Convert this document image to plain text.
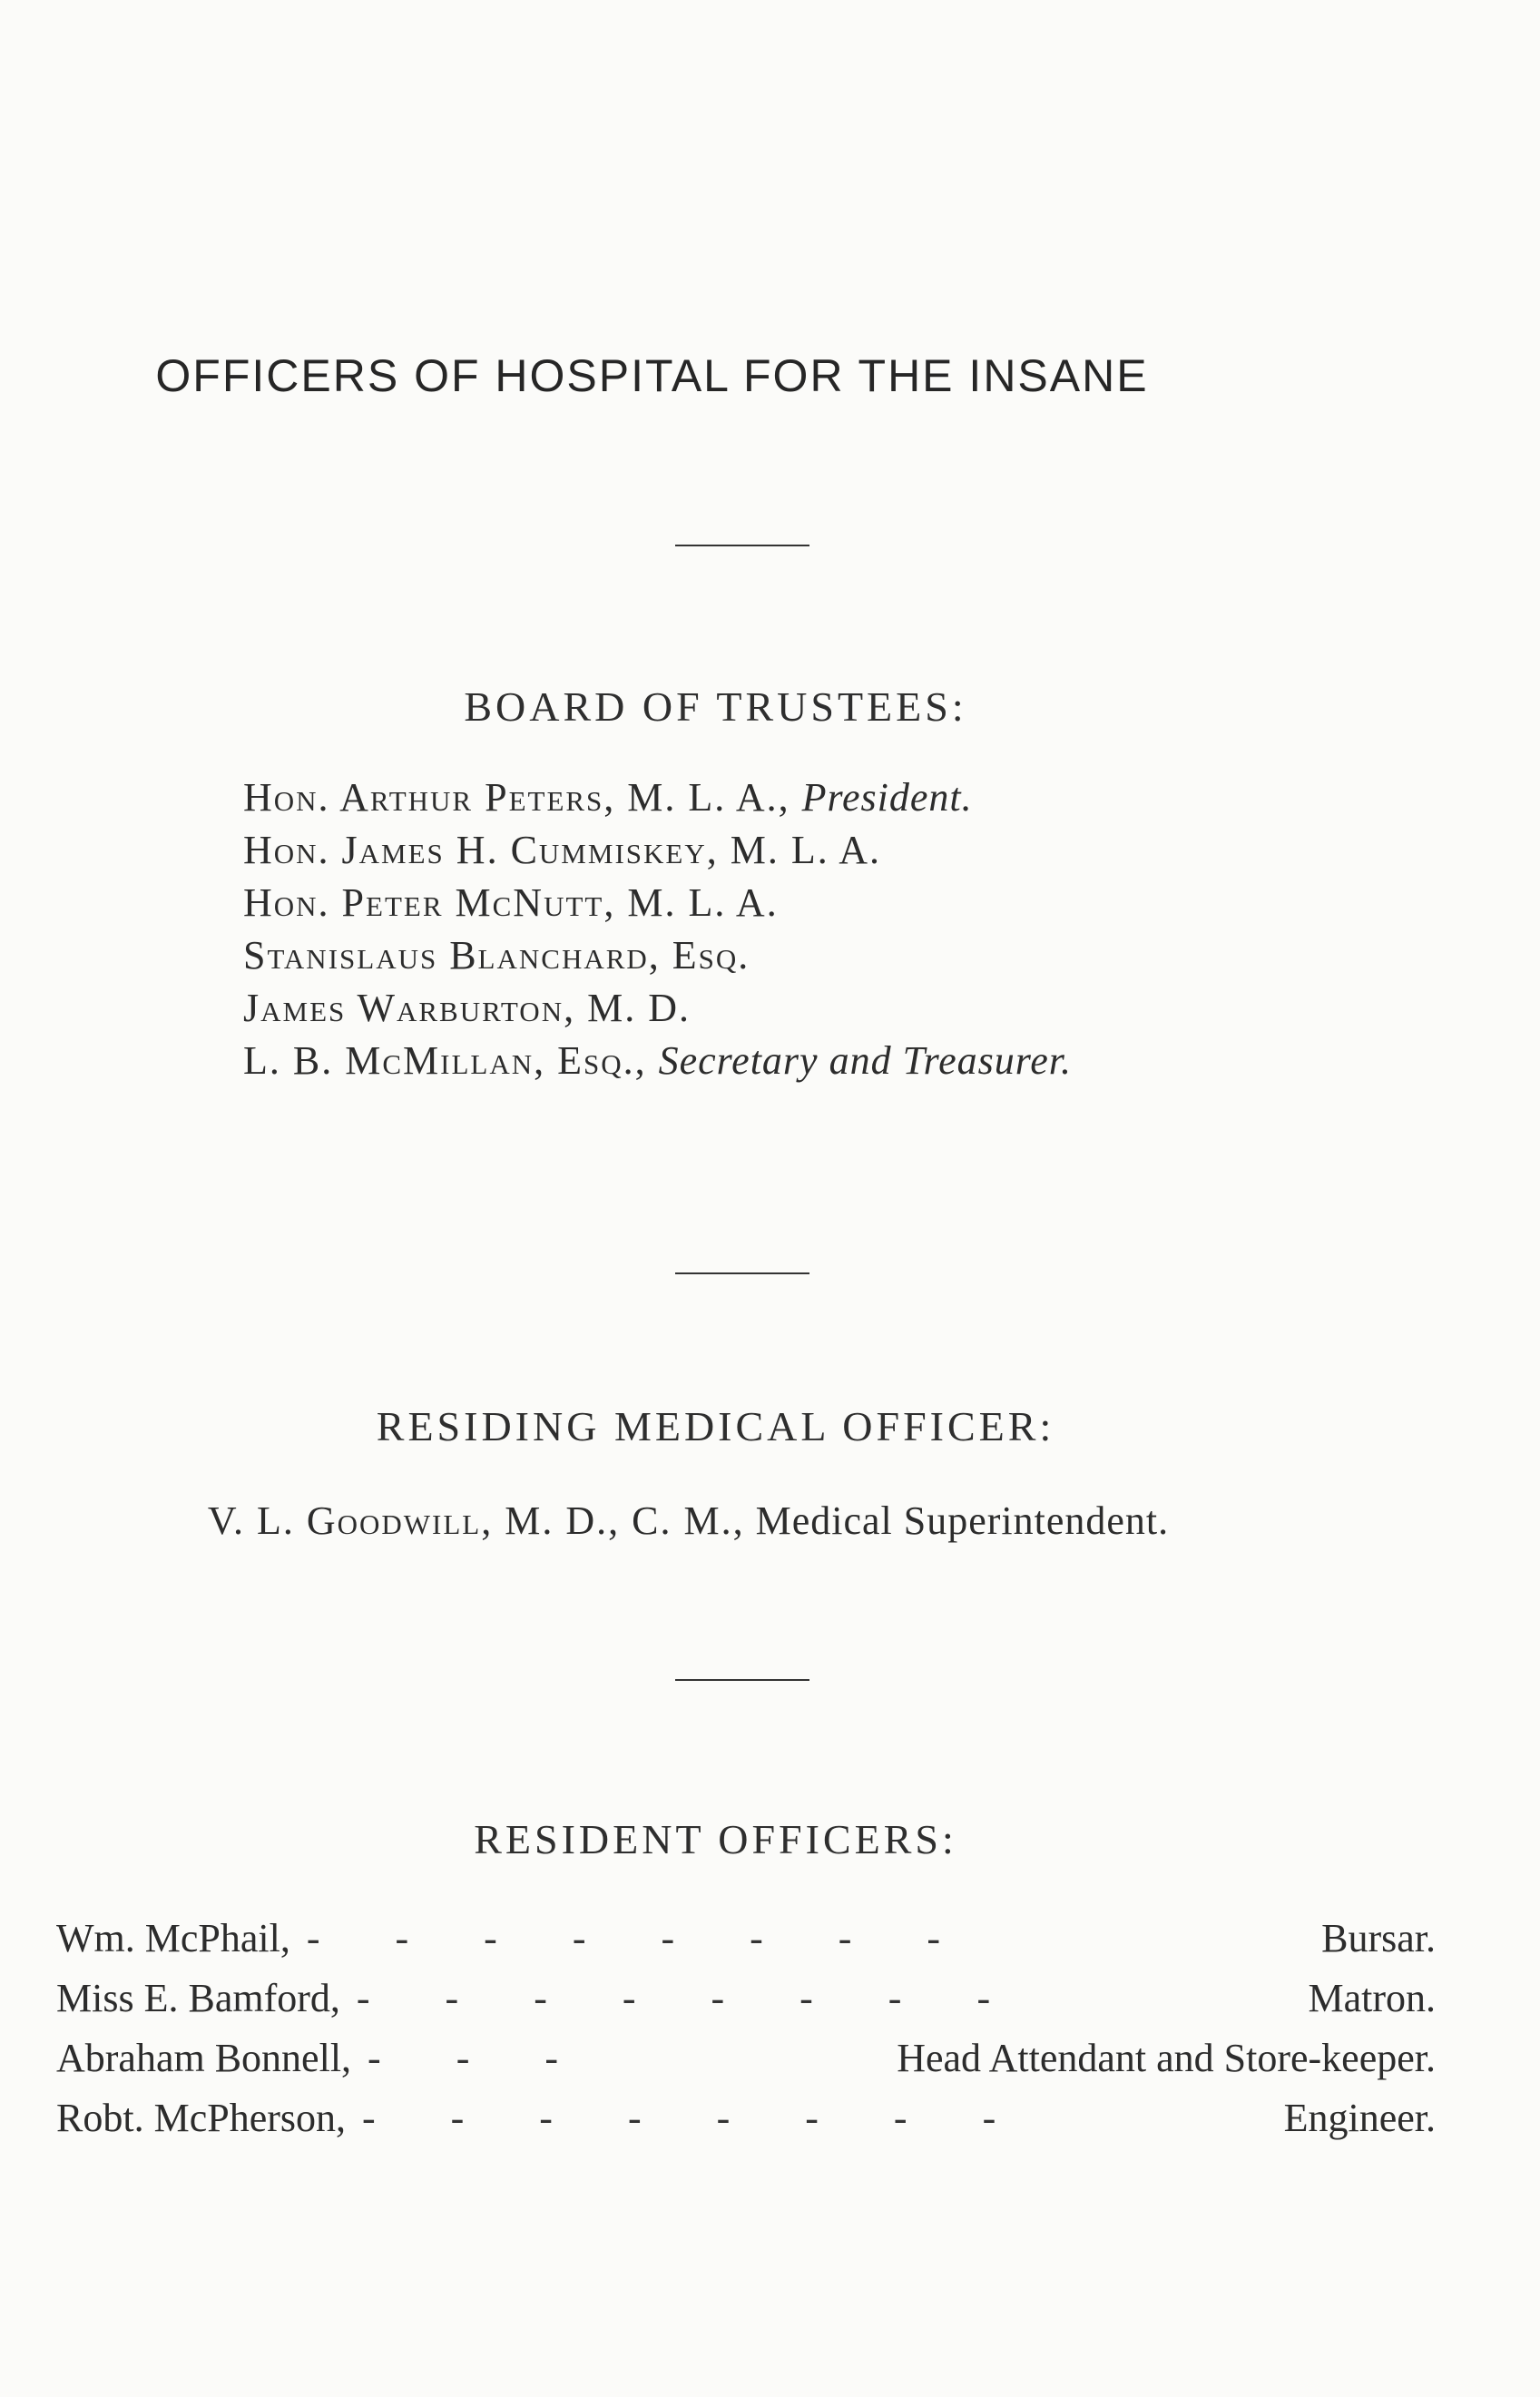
OFFICERS OF HOSPITAL FOR THE INSANE
BOARD OF TRUSTEES:
Hon. Arthur Peters, M. L. A., President.
Hon. James H. Cummiskey, M. L. A.
Hon. Peter McNutt, M. L. A.
Stanislaus Blanchard, Esq.
James Warburton, M. D.
L. B. McMillan, Esq., Secretary and Treasurer.
RESIDING MEDICAL OFFICER:
V. L. Goodwill, M. D., C. M., Medical Superintendent.
RESIDENT OFFICERS:
Wm. McPhail, - - - - - - - -	Bursar.
Miss E. Bamford, - - - - - - - -	Matron.
Abraham Bonnell, - - -	Head Attendant and Store-keeper.
Robt. McPherson, - - - - - - - -	Engineer.
